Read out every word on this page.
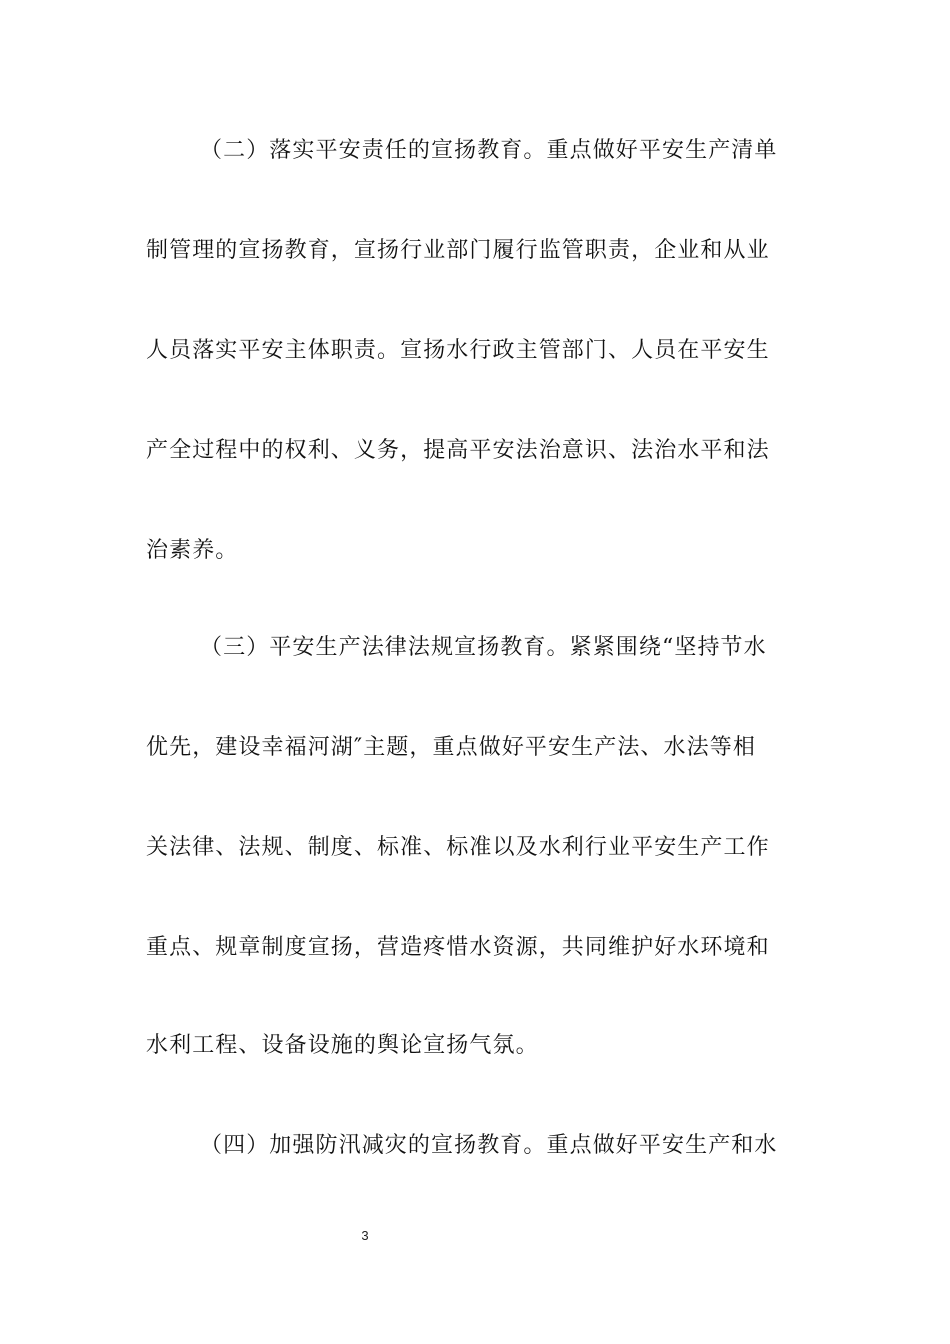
（二）落实平安责任的宣扬教育。重点做好平安生产清单
制管理的宣扬教育，宣扬行业部门履行监管职责，企业和从业
人员落实平安主体职责。宣扬水行政主管部门、人员在平安生
产全过程中的权利、义务，提高平安法治意识、法治水平和法
治素养。
（三）平安生产法律法规宣扬教育。紧紧围绕“坚持节水
优先，建设幸福河湖″主题，重点做好平安生产法、水法等相
关法律、法规、制度、标准、标准以及水利行业平安生产工作
重点、规章制度宣扬，营造疼惜水资源，共同维护好水环境和
水利工程、设备设施的舆论宣扬气氛。
（四）加强防汛减灾的宣扬教育。重点做好平安生产和水
3
